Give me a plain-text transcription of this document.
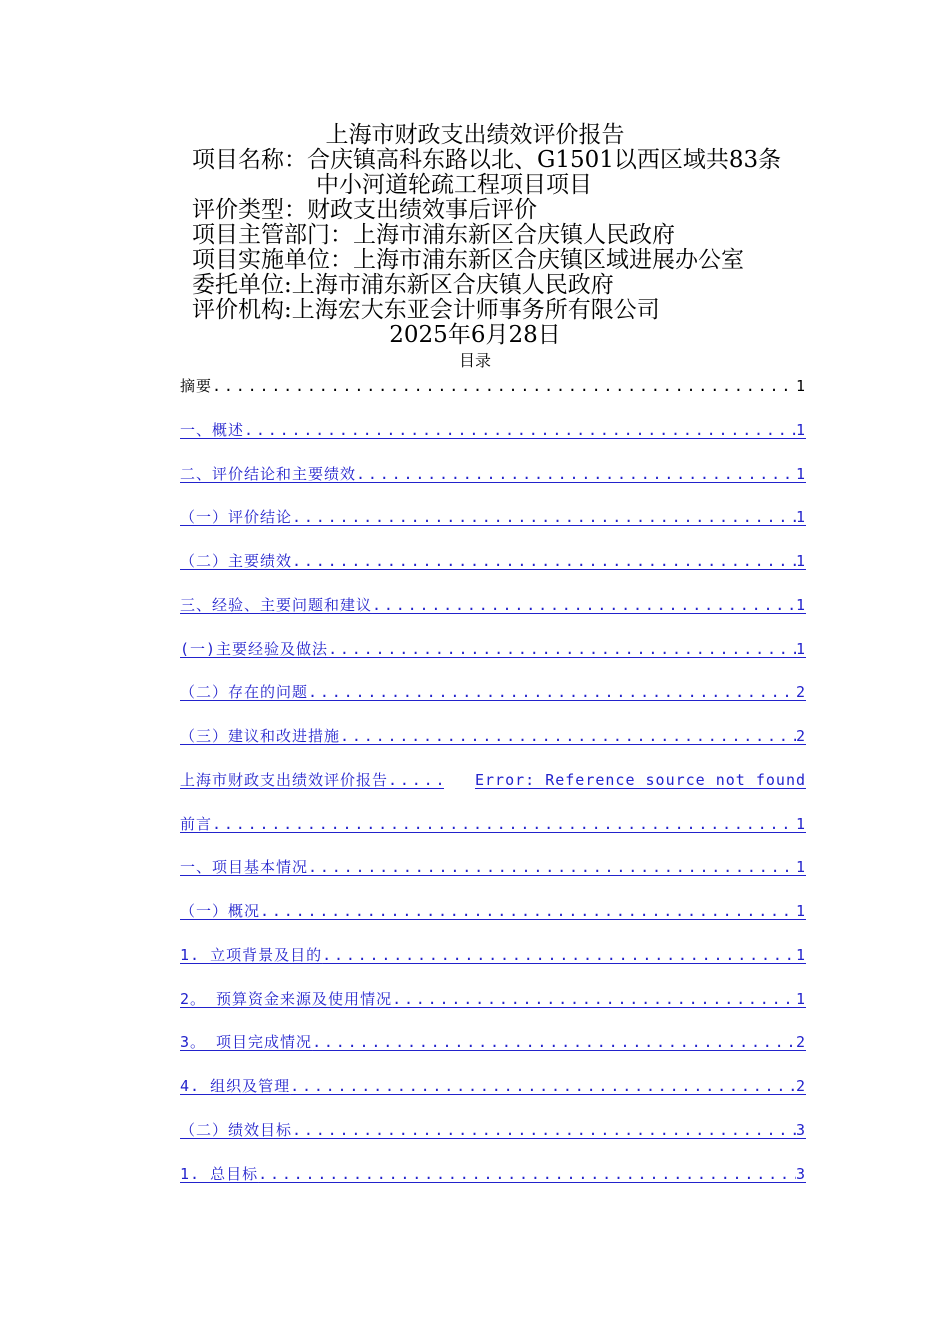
上海市财政支出绩效评价报告
项目名称：合庆镇高科东路以北、G1501以西区域共83条
中小河道轮疏工程项目项目
评价类型：财政支出绩效事后评价
项目主管部门：上海市浦东新区合庆镇人民政府
项目实施单位：上海市浦东新区合庆镇区域进展办公室
委托单位:上海市浦东新区合庆镇人民政府
评价机构:上海宏大东亚会计师事务所有限公司
2025年6月28日
目录
摘要 . . .	1
一、概述 . . .	1
二、评价结论和主要绩效 . . .	1
（一）评价结论 . . .	1
（二）主要绩效 . . .	1
三、经验、主要问题和建议 . . .	1
(一)主要经验及做法 . . .	1
（二）存在的问题 . . .	2
（三）建议和改进措施 . . .	2
上海市财政支出绩效评价报告 . . .	Error: Reference source not found
前言 . . .	1
一、项目基本情况 . . .	1
（一）概况 . . .	1
1. 立项背景及目的 . . .	1
2。 预算资金来源及使用情况 . . .	1
3。 项目完成情况 . . .	2
4. 组织及管理 . . .	2
（二）绩效目标 . . .	3
1. 总目标 . . .	3
